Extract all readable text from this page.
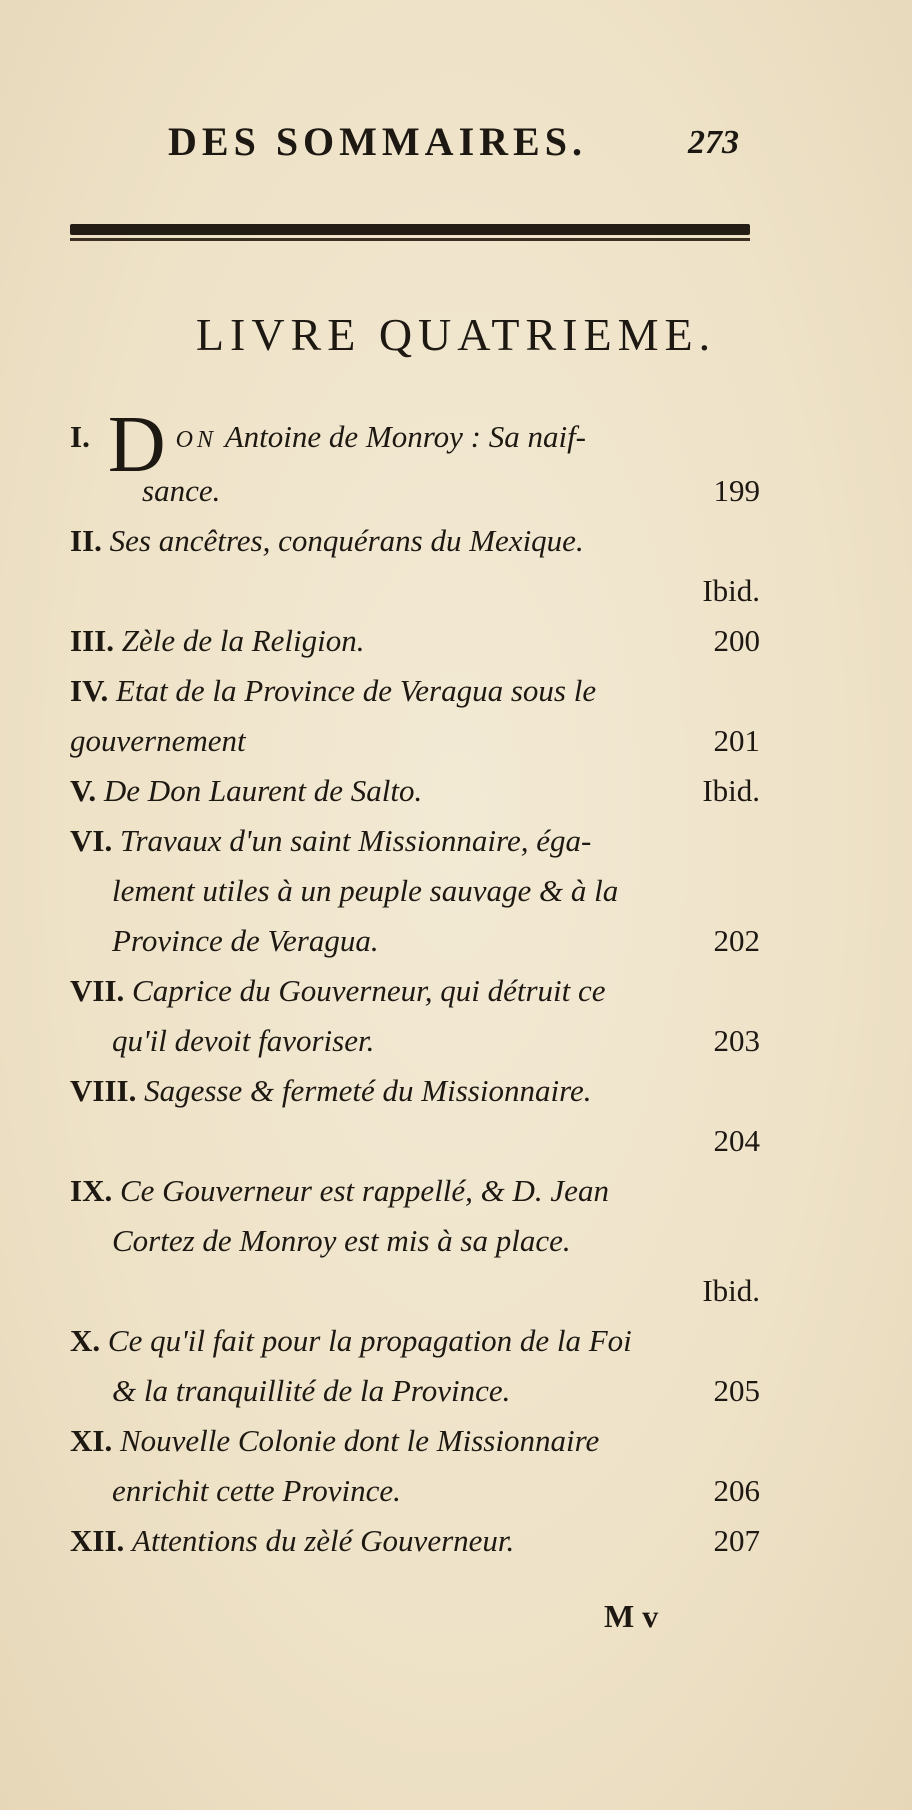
DES SOMMAIRES.	273
LIVRE QUATRIEME.
I. D ON Antoine de Monroy : Sa naif-
sance.	199
II. Ses ancêtres, conquérans du Mexique.
Ibid.
III. Zèle de la Religion.	200
IV. Etat de la Province de Veragua sous le
gouvernement	201
V. De Don Laurent de Salto.	Ibid.
VI. Travaux d'un saint Missionnaire, éga-
lement utiles à un peuple sauvage & à la
Province de Veragua.	202
VII. Caprice du Gouverneur, qui détruit ce
qu'il devoit favoriser.	203
VIII. Sagesse & fermeté du Missionnaire.
204
IX. Ce Gouverneur est rappellé, & D. Jean
Cortez de Monroy est mis à sa place.
Ibid.
X. Ce qu'il fait pour la propagation de la Foi
& la tranquillité de la Province.	205
XI. Nouvelle Colonie dont le Missionnaire
enrichit cette Province.	206
XII. Attentions du zèlé Gouverneur.	207
M v
